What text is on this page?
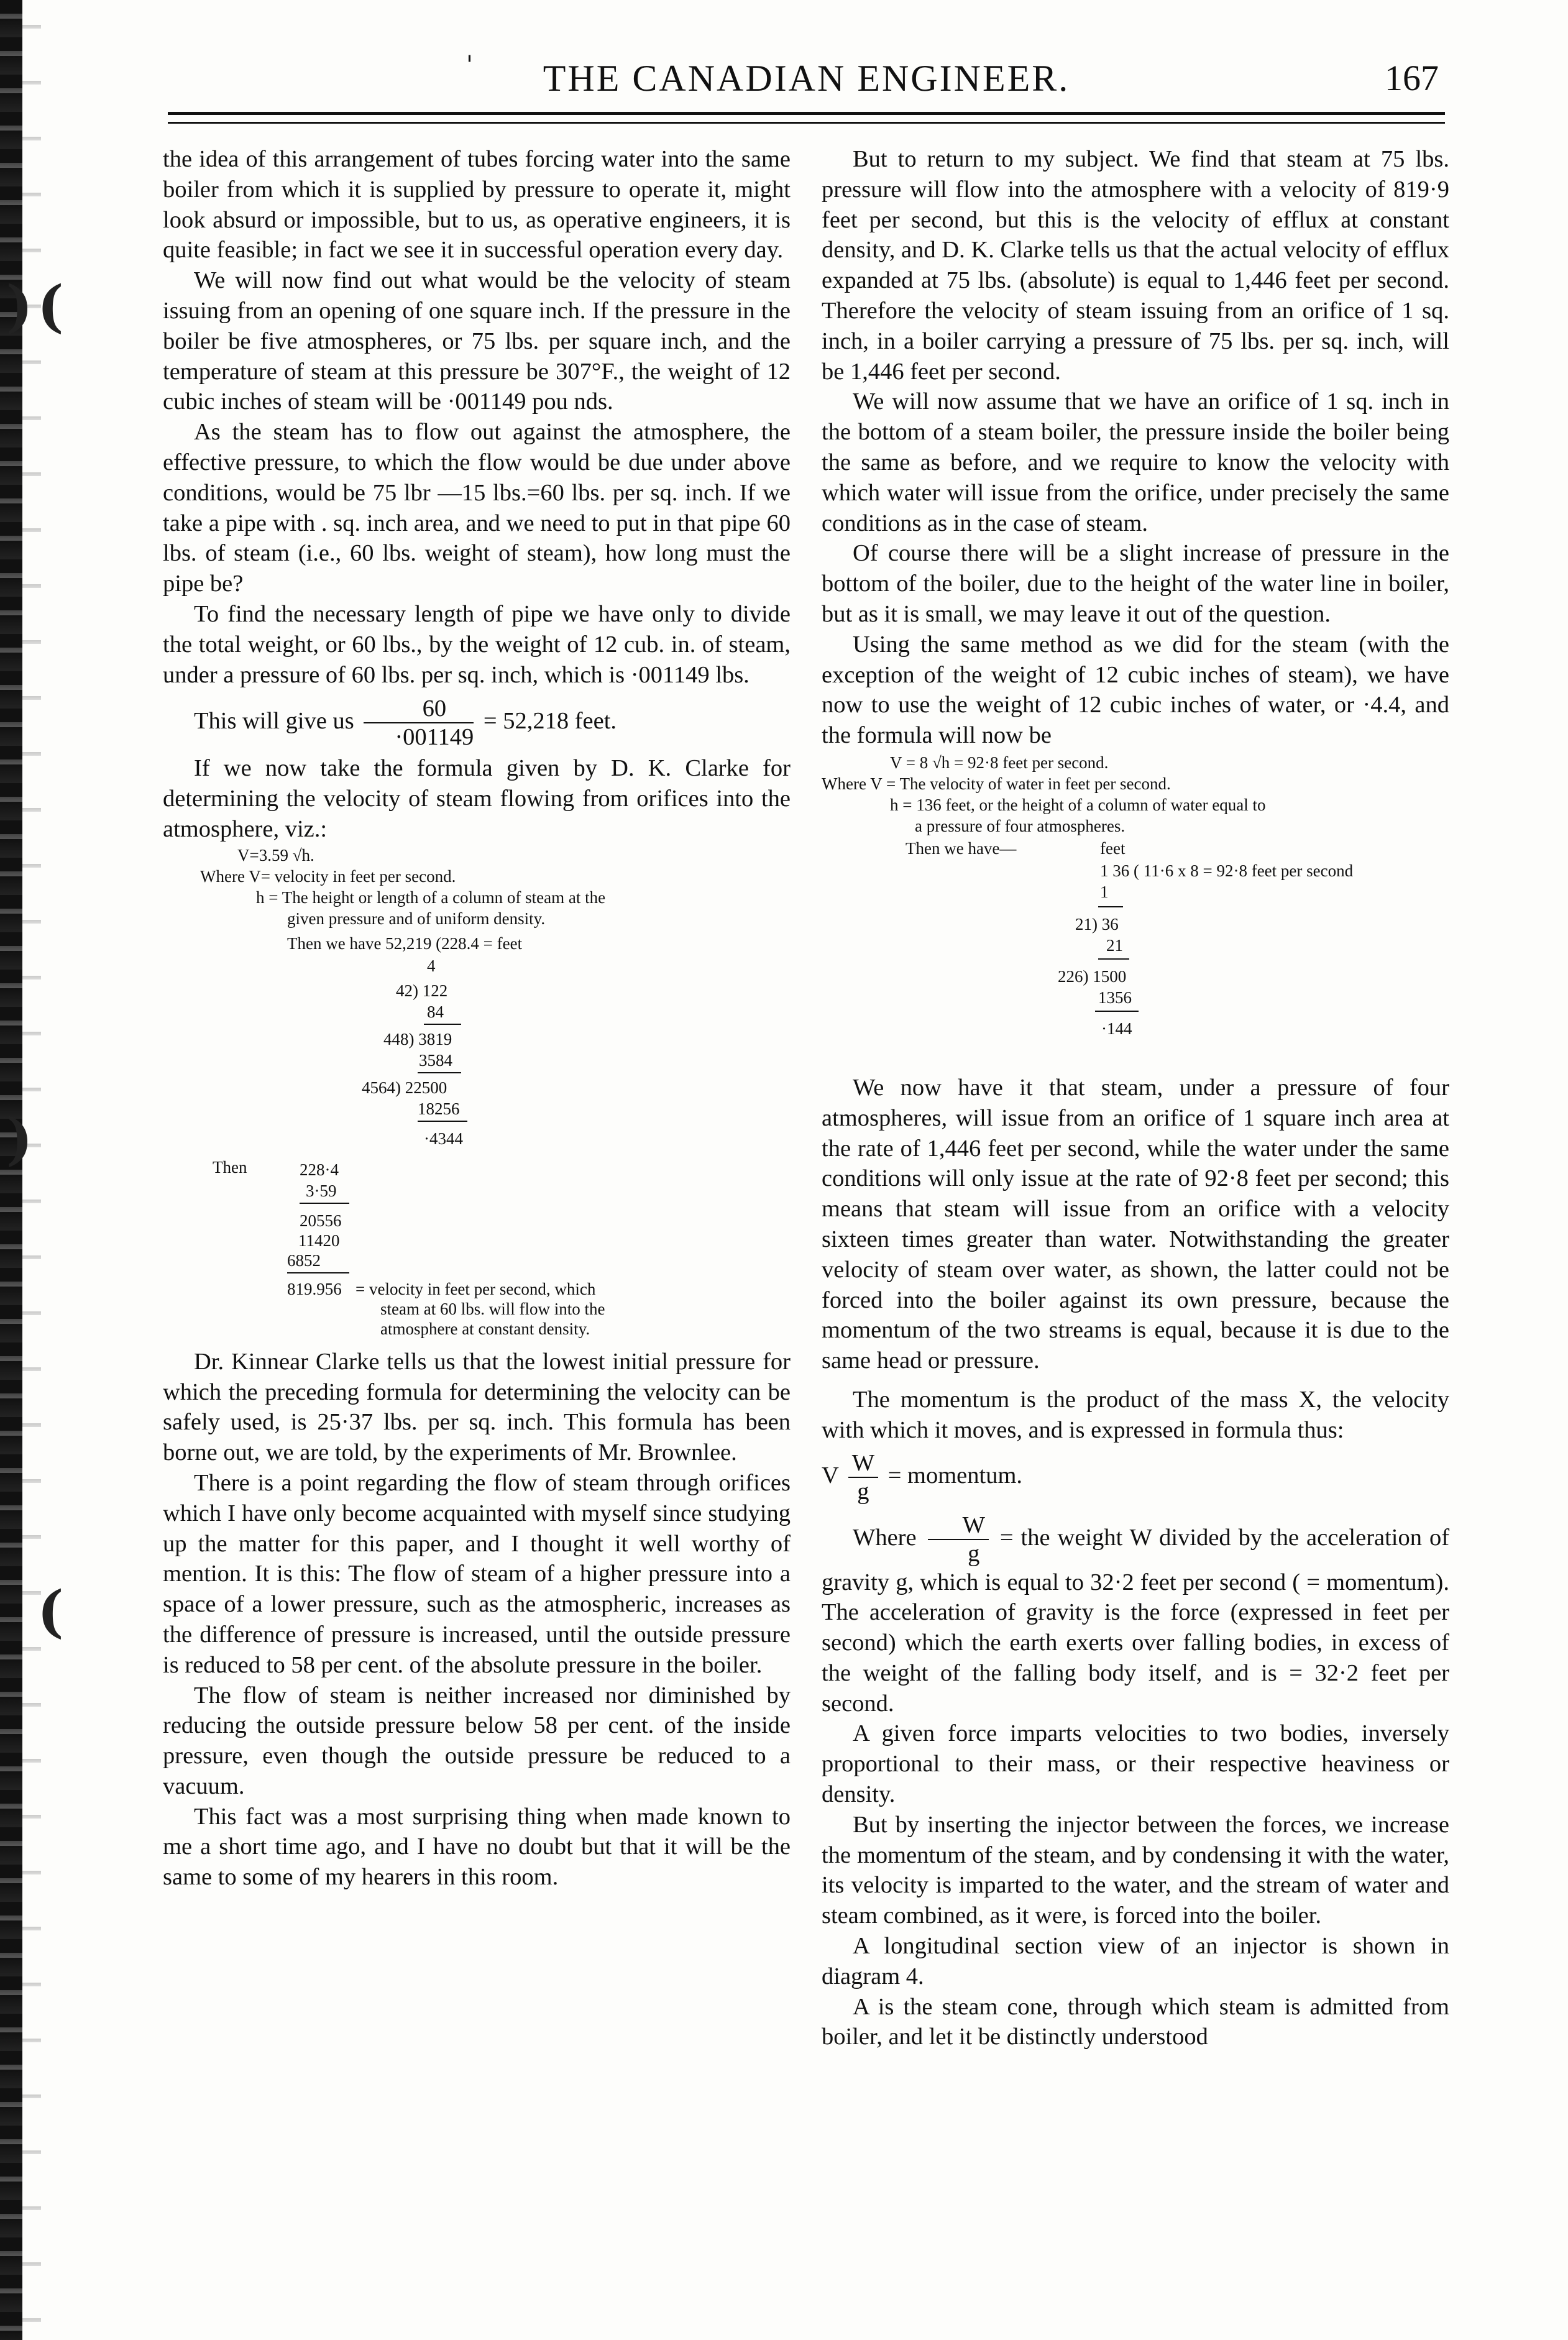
) (
)
(
'	THE CANADIAN ENGINEER.	167

the idea of this arrangement of tubes forcing water into the same boiler from which it is supplied by pressure to operate it, might look absurd or impossible, but to us, as operative engineers, it is quite feasible; in fact we see it in successful operation every day.

We will now find out what would be the velocity of steam issuing from an opening of one square inch. If the pressure in the boiler be five atmospheres, or 75 lbs. per square inch, and the temperature of steam at this pressure be 307°F., the weight of 12 cubic inches of steam will be ·001149 pou nds.

As the steam has to flow out against the atmosphere, the effective pressure, to which the flow would be due under above conditions, would be 75 lbr —15 lbs.=60 lbs. per sq. inch. If we take a pipe with . sq. inch area, and we need to put in that pipe 60 lbs. of steam (i.e., 60 lbs. weight of steam), how long must the pipe be?

To find the necessary length of pipe we have only to divide the total weight, or 60 lbs., by the weight of 12 cub. in. of steam, under a pressure of 60 lbs. per sq. inch, which is ·001149 lbs.

This will give us $\frac{60}{\cdot 001149} = 52,218$ feet.

If we now take the formula given by D. K. Clarke for determining the velocity of steam flowing from orifices into the atmosphere, viz.:

V=3.59 √h.
Where V= velocity in feet per second.
h = The height or length of a column of steam at the
given pressure and of uniform density.
Then we have 52,219 (228.4 = feet
4
42) 122
84
448) 3819
3584
4564) 22500
18256
·4344
Then	228·4
3·59
20556
11420
6852
819.956 = velocity in feet per second, which
steam at 60 lbs. will flow into the
atmosphere at constant density.

Dr. Kinnear Clarke tells us that the lowest initial pressure for which the preceding formula for determining the velocity can be safely used, is 25·37 lbs. per sq. inch. This formula has been borne out, we are told, by the experiments of Mr. Brownlee.

There is a point regarding the flow of steam through orifices which I have only become acquainted with myself since studying up the matter for this paper, and I thought it well worthy of mention. It is this: The flow of steam of a higher pressure into a space of a lower pressure, such as the atmospheric, increases as the difference of pressure is increased, until the outside pressure is reduced to 58 per cent. of the absolute pressure in the boiler.

The flow of steam is neither increased nor diminished by reducing the outside pressure below 58 per cent. of the inside pressure, even though the outside pressure be reduced to a vacuum.

This fact was a most surprising thing when made known to me a short time ago, and I have no doubt but that it will be the same to some of my hearers in this room.

But to return to my subject. We find that steam at 75 lbs. pressure will flow into the atmosphere with a velocity of 819·9 feet per second, but this is the velocity of efflux at constant density, and D. K. Clarke tells us that the actual velocity of efflux expanded at 75 lbs. (absolute) is equal to 1,446 feet per second. Therefore the velocity of steam issuing from an orifice of 1 sq. inch, in a boiler carrying a pressure of 75 lbs. per sq. inch, will be 1,446 feet per second.

We will now assume that we have an orifice of 1 sq. inch in the bottom of a steam boiler, the pressure inside the boiler being the same as before, and we require to know the velocity with which water will issue from the orifice, under precisely the same conditions as in the case of steam.

Of course there will be a slight increase of pressure in the bottom of the boiler, due to the height of the water line in boiler, but as it is small, we may leave it out of the question.

Using the same method as we did for the steam (with the exception of the weight of 12 cubic inches of steam), we have now to use the weight of 12 cubic inches of water, or ·4.4, and the formula will now be

V = 8 √h = 92·8 feet per second.
Where V = The velocity of water in feet per second.
h = 136 feet, or the height of a column of water equal to
a pressure of four atmospheres.
Then we have—	feet
1 36 ( 11·6 x 8 = 92·8 feet per second
1
21) 36
21
226) 1500
1356
·144

We now have it that steam, under a pressure of four atmospheres, will issue from an orifice of 1 square inch area at the rate of 1,446 feet per second, while the water under the same conditions will only issue at the rate of 92·8 feet per second; this means that steam will issue from an orifice with a velocity sixteen times greater than water. Notwithstanding the greater velocity of steam over water, as shown, the latter could not be forced into the boiler against its own pressure, because the momentum of the two streams is equal, because it is due to the same head or pressure.

The momentum is the product of the mass X, the velocity with which it moves, and is expressed in formula thus:

V $\frac{W}{g}$ = momentum.

Where $\frac{W}{g}$ = the weight W divided by the acceleration of gravity g, which is equal to 32·2 feet per second ( = momentum). The acceleration of gravity is the force (expressed in feet per second) which the earth exerts over falling bodies, in excess of the weight of the falling body itself, and is = 32·2 feet per second.

A given force imparts velocities to two bodies, inversely proportional to their mass, or their respective heaviness or density.

But by inserting the injector between the forces, we increase the momentum of the steam, and by condensing it with the water, its velocity is imparted to the water, and the stream of water and steam combined, as it were, is forced into the boiler.

A longitudinal section view of an injector is shown in diagram 4.

A is the steam cone, through which steam is admitted from boiler, and let it be distinctly understood
